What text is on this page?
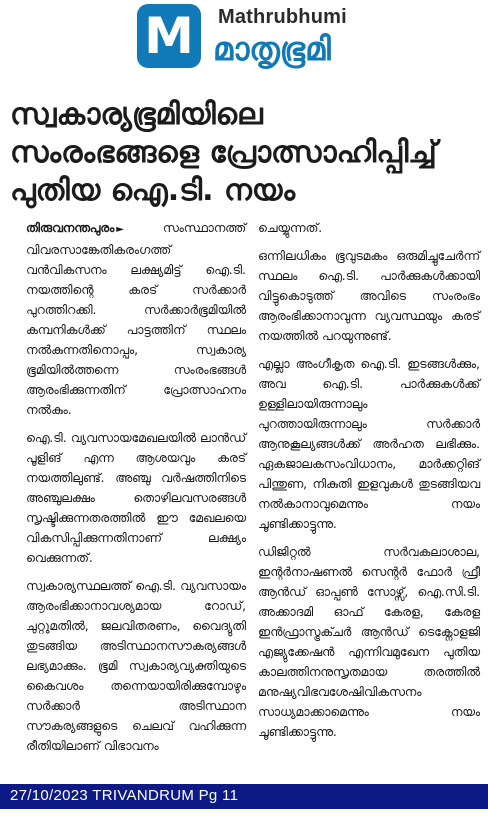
M	Mathrubhumi
മാതൃഭൂമി
സ്വകാര്യഭൂമിയിലെ
സംരംഭങ്ങളെ പ്രോത്സാഹിപ്പിച്ച്
പുതിയ ഐ.ടി. നയം

തിരുവനന്തപുരം ►	സംസ്ഥാനത്ത് വിവരസാങ്കേതികരംഗത്ത് വൻവികസനം ലക്ഷ്യമിട്ട് ഐ.ടി. നയത്തിന്റെ കരട് സർക്കാർ പുറത്തിറക്കി. സർക്കാർഭൂമിയിൽ കമ്പനികൾക്ക് പാട്ടത്തിന് സ്ഥലം നൽകുന്നതിനൊപ്പം, സ്വകാര്യ ഭൂമിയിൽത്തന്നെ സംരംഭങ്ങൾ ആരംഭിക്കുന്നതിന് പ്രോത്സാഹനം നൽകും.

ഐ.ടി. വ്യവസായമേഖലയിൽ ലാൻഡ് പൂളിങ് എന്ന ആശയവും കരട് നയത്തിലുണ്ട്. അഞ്ചു വർഷത്തിനിടെ അഞ്ചുലക്ഷം തൊഴിലവസരങ്ങൾ സൃഷ്ടിക്കുന്നതരത്തിൽ ഈ മേഖലയെ വികസിപ്പിക്കുന്നതിനാണ് ലക്ഷ്യം വെക്കുന്നത്.

സ്വകാര്യസ്ഥലത്ത് ഐ.ടി. വ്യവസായം ആരംഭിക്കാനാവശ്യമായ റോഡ്, ചുറ്റുമതിൽ, ജലവിതരണം, വൈദ്യുതി തുടങ്ങിയ അടിസ്ഥാനസൗകര്യങ്ങൾ ലഭ്യമാക്കും. ഭൂമി സ്വകാര്യവ്യക്തിയുടെ കൈവശം തന്നെയായിരിക്കുമ്പോഴും സർക്കാർ അടിസ്ഥാന സൗകര്യങ്ങളുടെ ചെലവ് വഹിക്കുന്ന രീതിയിലാണ് വിഭാവനം

ചെയ്യുന്നത്.

ഒന്നിലധികം ഭൂവുടമകം ഒരുമിച്ചുചേർന്ന് സ്ഥലം ഐ.ടി. പാർക്കുകൾക്കായി വിട്ടുകൊടുത്ത് അവിടെ സംരംഭം ആരംഭിക്കാനാവുന്ന വ്യവസ്ഥയും കരട് നയത്തിൽ പറയുന്നുണ്ട്.

എല്ലാ അംഗീകൃത ഐ.ടി. ഇടങ്ങൾക്കും, അവ ഐ.ടി. പാർക്കുകൾക്ക് ഉള്ളിലായിരുന്നാലും പുറത്തായിരുന്നാലും സർക്കാർ ആനുകൂല്യങ്ങൾക്ക് അർഹത ലഭിക്കും. ഏകജാലകസംവിധാനം, മാർക്കറ്റിങ് പിന്തുണ, നികുതി ഇളവുകൾ തുടങ്ങിയവ നൽകാനാവുമെന്നും നയം ചൂണ്ടിക്കാട്ടുന്നു.

ഡിജിറ്റൽ സർവകലാശാല, ഇന്റർനാഷണൽ സെന്റർ ഫോർ ഫ്രീ ആൻഡ് ഓപ്പൺ സോഴ്സ്, ഐ.സി.ടി. അക്കാദമി ഓഫ് കേരള, കേരള ഇൻഫ്രാസ്ട്രക്ചർ ആൻഡ് ടെക്നോളജി എജ്യുക്കേഷൻ എന്നിവമുഖേന പുതിയ കാലത്തിനനുസൃതമായ തരത്തിൽ മനുഷ്യവിഭവശേഷിവികസനം സാധ്യമാക്കാമെന്നും നയം ചൂണ്ടിക്കാട്ടുന്നു.

27/10/2023 TRIVANDRUM Pg 11
